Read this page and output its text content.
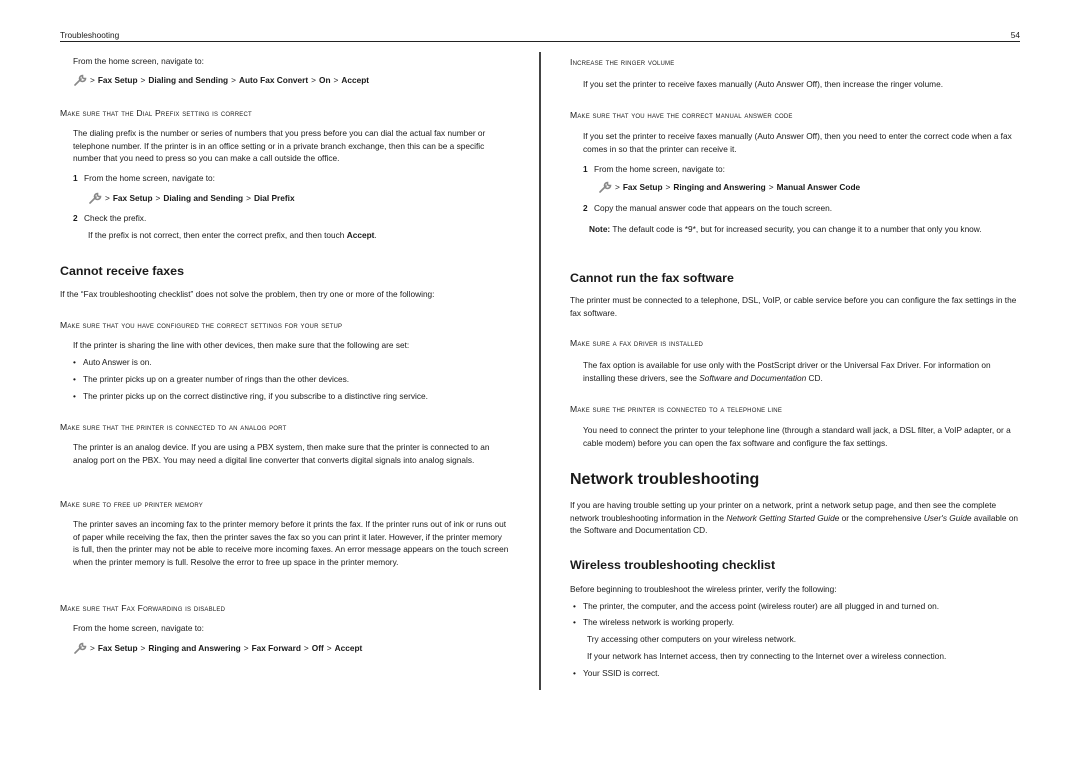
Troubleshooting	54

From the home screen, navigate to:

> Fax Setup > Dialing and Sending > Auto Fax Convert > On > Accept

Make sure that the Dial Prefix setting is correct

The dialing prefix is the number or series of numbers that you press before you can dial the actual fax number or telephone number. If the printer is in an office setting or in a private branch exchange, then this can be a specific number that you need to press so you can make a call outside the office.

1 From the home screen, navigate to:
> Fax Setup > Dialing and Sending > Dial Prefix
2 Check the prefix.

If the prefix is not correct, then enter the correct prefix, and then touch Accept.

Cannot receive faxes

If the “Fax troubleshooting checklist” does not solve the problem, then try one or more of the following:

Make sure that you have configured the correct settings for your setup

If the printer is sharing the line with other devices, then make sure that the following are set:

• Auto Answer is on.
• The printer picks up on a greater number of rings than the other devices.
• The printer picks up on the correct distinctive ring, if you subscribe to a distinctive ring service.

Make sure that the printer is connected to an analog port

The printer is an analog device. If you are using a PBX system, then make sure that the printer is connected to an analog port on the PBX. You may need a digital line converter that converts digital signals into analog signals.

Make sure to free up printer memory

The printer saves an incoming fax to the printer memory before it prints the fax. If the printer runs out of ink or runs out of paper while receiving the fax, then the printer saves the fax so you can print it later. However, if the printer memory is full, then the printer may not be able to receive more incoming faxes. An error message appears on the touch screen when the printer memory is full. Resolve the error to free up space in the printer memory.

Make sure that Fax Forwarding is disabled

From the home screen, navigate to:

> Fax Setup > Ringing and Answering > Fax Forward > Off > Accept

Increase the ringer volume

If you set the printer to receive faxes manually (Auto Answer Off), then increase the ringer volume.

Make sure that you have the correct manual answer code

If you set the printer to receive faxes manually (Auto Answer Off), then you need to enter the correct code when a fax comes in so that the printer can receive it.

1 From the home screen, navigate to:
> Fax Setup > Ringing and Answering > Manual Answer Code
2 Copy the manual answer code that appears on the touch screen.

Note: The default code is *9*, but for increased security, you can change it to a number that only you know.

Cannot run the fax software

The printer must be connected to a telephone, DSL, VoIP, or cable service before you can configure the fax settings in the fax software.

Make sure a fax driver is installed

The fax option is available for use only with the PostScript driver or the Universal Fax Driver. For information on installing these drivers, see the Software and Documentation CD.

Make sure the printer is connected to a telephone line

You need to connect the printer to your telephone line (through a standard wall jack, a DSL filter, a VoIP adapter, or a cable modem) before you can open the fax software and configure the fax settings.

Network troubleshooting

If you are having trouble setting up your printer on a network, print a network setup page, and then see the complete network troubleshooting information in the Network Getting Started Guide or the comprehensive User's Guide available on the Software and Documentation CD.

Wireless troubleshooting checklist

Before beginning to troubleshoot the wireless printer, verify the following:

• The printer, the computer, and the access point (wireless router) are all plugged in and turned on.
• The wireless network is working properly.

Try accessing other computers on your wireless network.

If your network has Internet access, then try connecting to the Internet over a wireless connection.

• Your SSID is correct.
